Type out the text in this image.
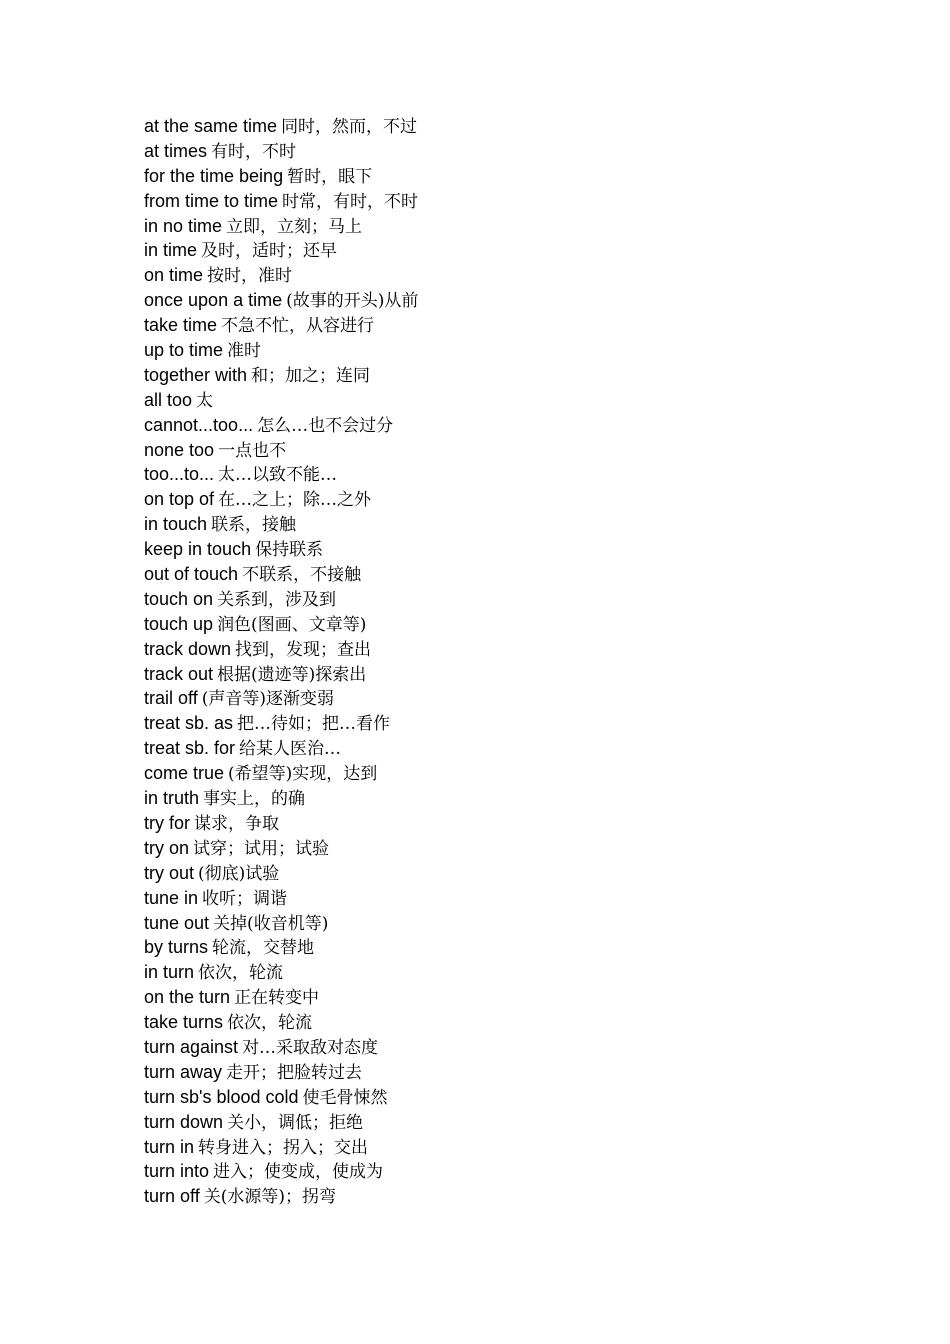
at the same time 同时，然而，不过
at times 有时，不时
for the time being 暂时，眼下
from time to time 时常，有时，不时
in no time 立即，立刻；马上
in time 及时，适时；还早
on time 按时，准时
once upon a time (故事的开头)从前
take time 不急不忙，从容进行
up to time 准时
together with 和；加之；连同
all too 太
cannot...too... 怎么…也不会过分
none too 一点也不
too...to... 太…以致不能…
on top of 在…之上；除…之外
in touch 联系，接触
keep in touch 保持联系
out of touch 不联系，不接触
touch on 关系到，涉及到
touch up 润色(图画、文章等)
track down 找到，发现；查出
track out 根据(遗迹等)探索出
trail off (声音等)逐渐变弱
treat sb. as 把…待如；把…看作
treat sb. for 给某人医治…
come true (希望等)实现，达到
in truth 事实上，的确
try for 谋求，争取
try on 试穿；试用；试验
try out (彻底)试验
tune in 收听；调谐
tune out 关掉(收音机等)
by turns 轮流，交替地
in turn 依次，轮流
on the turn 正在转变中
take turns 依次，轮流
turn against 对…采取敌对态度
turn away 走开；把脸转过去
turn sb's blood cold 使毛骨悚然
turn down 关小，调低；拒绝
turn in 转身进入；拐入；交出
turn into 进入；使变成，使成为
turn off 关(水源等)；拐弯
